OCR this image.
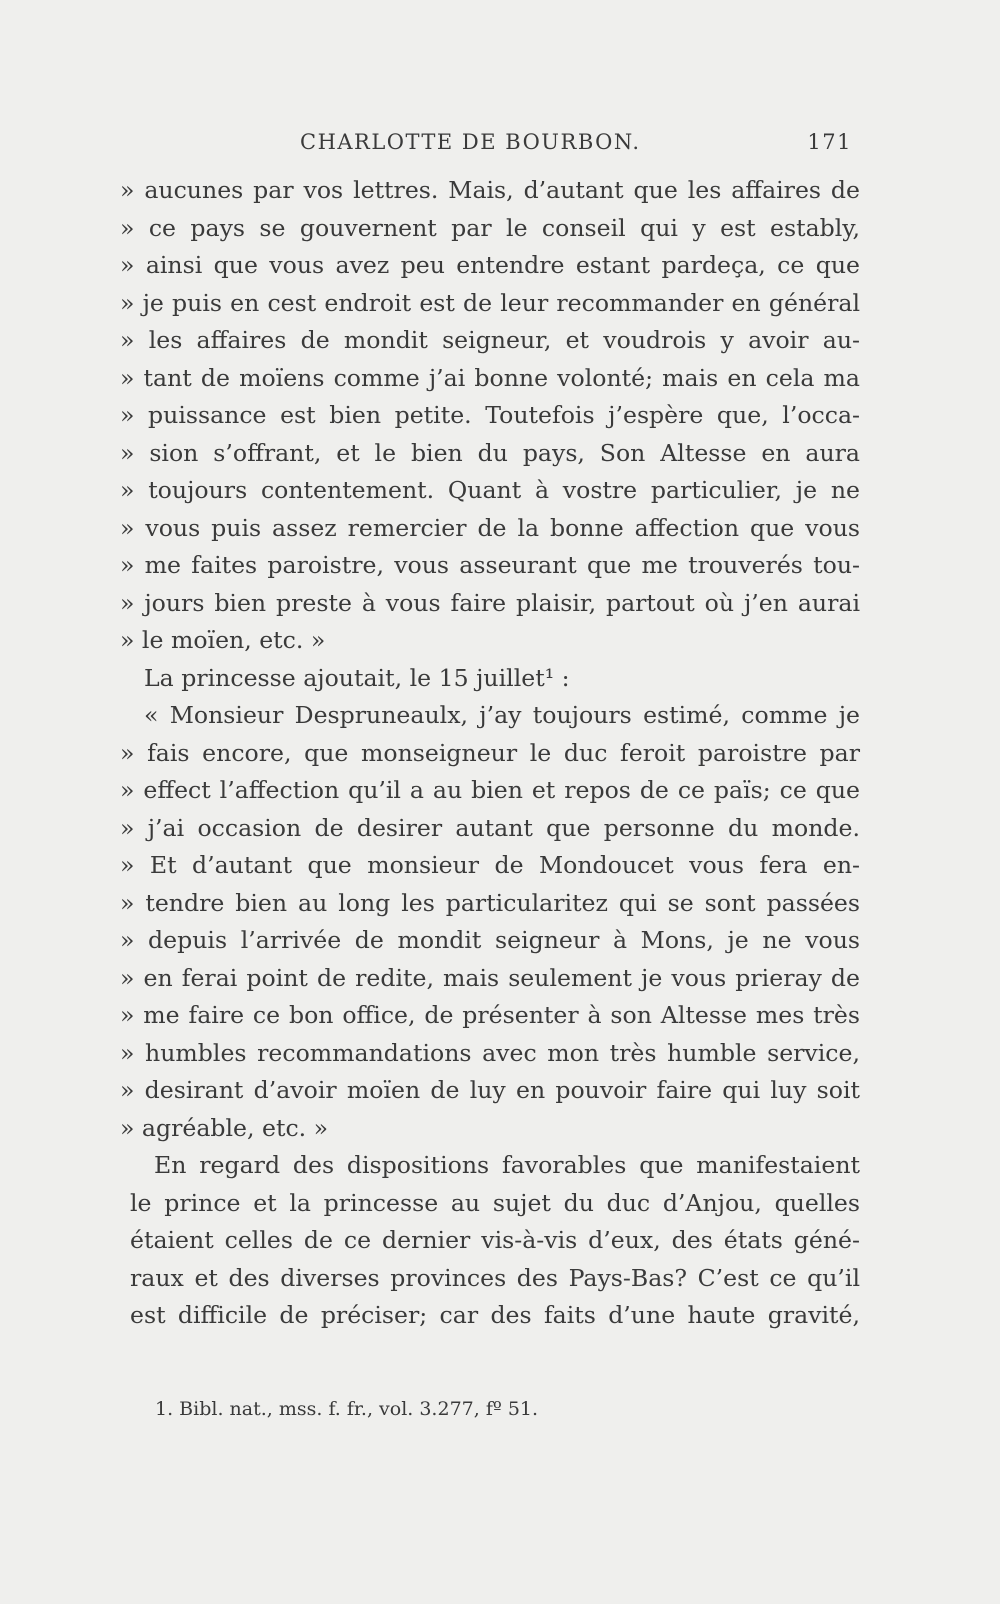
CHARLOTTE DE BOURBON.	171
» aucunes par vos lettres. Mais, d’autant que les affaires de
» ce pays se gouvernent par le conseil qui y est estably,
» ainsi que vous avez peu entendre estant pardeça, ce que
» je puis en cest endroit est de leur recommander en général
» les affaires de mondit seigneur, et voudrois y avoir au-
» tant de moïens comme j’ai bonne volonté; mais en cela ma
» puissance est bien petite. Toutefois j’espère que, l’occa-
» sion s’offrant, et le bien du pays, Son Altesse en aura
» toujours contentement. Quant à vostre particulier, je ne
» vous puis assez remercier de la bonne affection que vous
» me faites paroistre, vous asseurant que me trouverés tou-
» jours bien preste à vous faire plaisir, partout où j’en aurai
» le moïen, etc. »
La princesse ajoutait, le 15 juillet¹ :
« Monsieur Despruneaulx, j’ay toujours estimé, comme je
» fais encore, que monseigneur le duc feroit paroistre par
» effect l’affection qu’il a au bien et repos de ce païs; ce que
» j’ai occasion de desirer autant que personne du monde.
» Et d’autant que monsieur de Mondoucet vous fera en-
» tendre bien au long les particularitez qui se sont passées
» depuis l’arrivée de mondit seigneur à Mons, je ne vous
» en ferai point de redite, mais seulement je vous prieray de
» me faire ce bon office, de présenter à son Altesse mes très
» humbles recommandations avec mon très humble service,
» desirant d’avoir moïen de luy en pouvoir faire qui luy soit
» agréable, etc. »
En regard des dispositions favorables que manifestaient
le prince et la princesse au sujet du duc d’Anjou, quelles
étaient celles de ce dernier vis-à-vis d’eux, des états géné-
raux et des diverses provinces des Pays-Bas? C’est ce qu’il
est difficile de préciser; car des faits d’une haute gravité,
1. Bibl. nat., mss. f. fr., vol. 3.277, fº 51.
